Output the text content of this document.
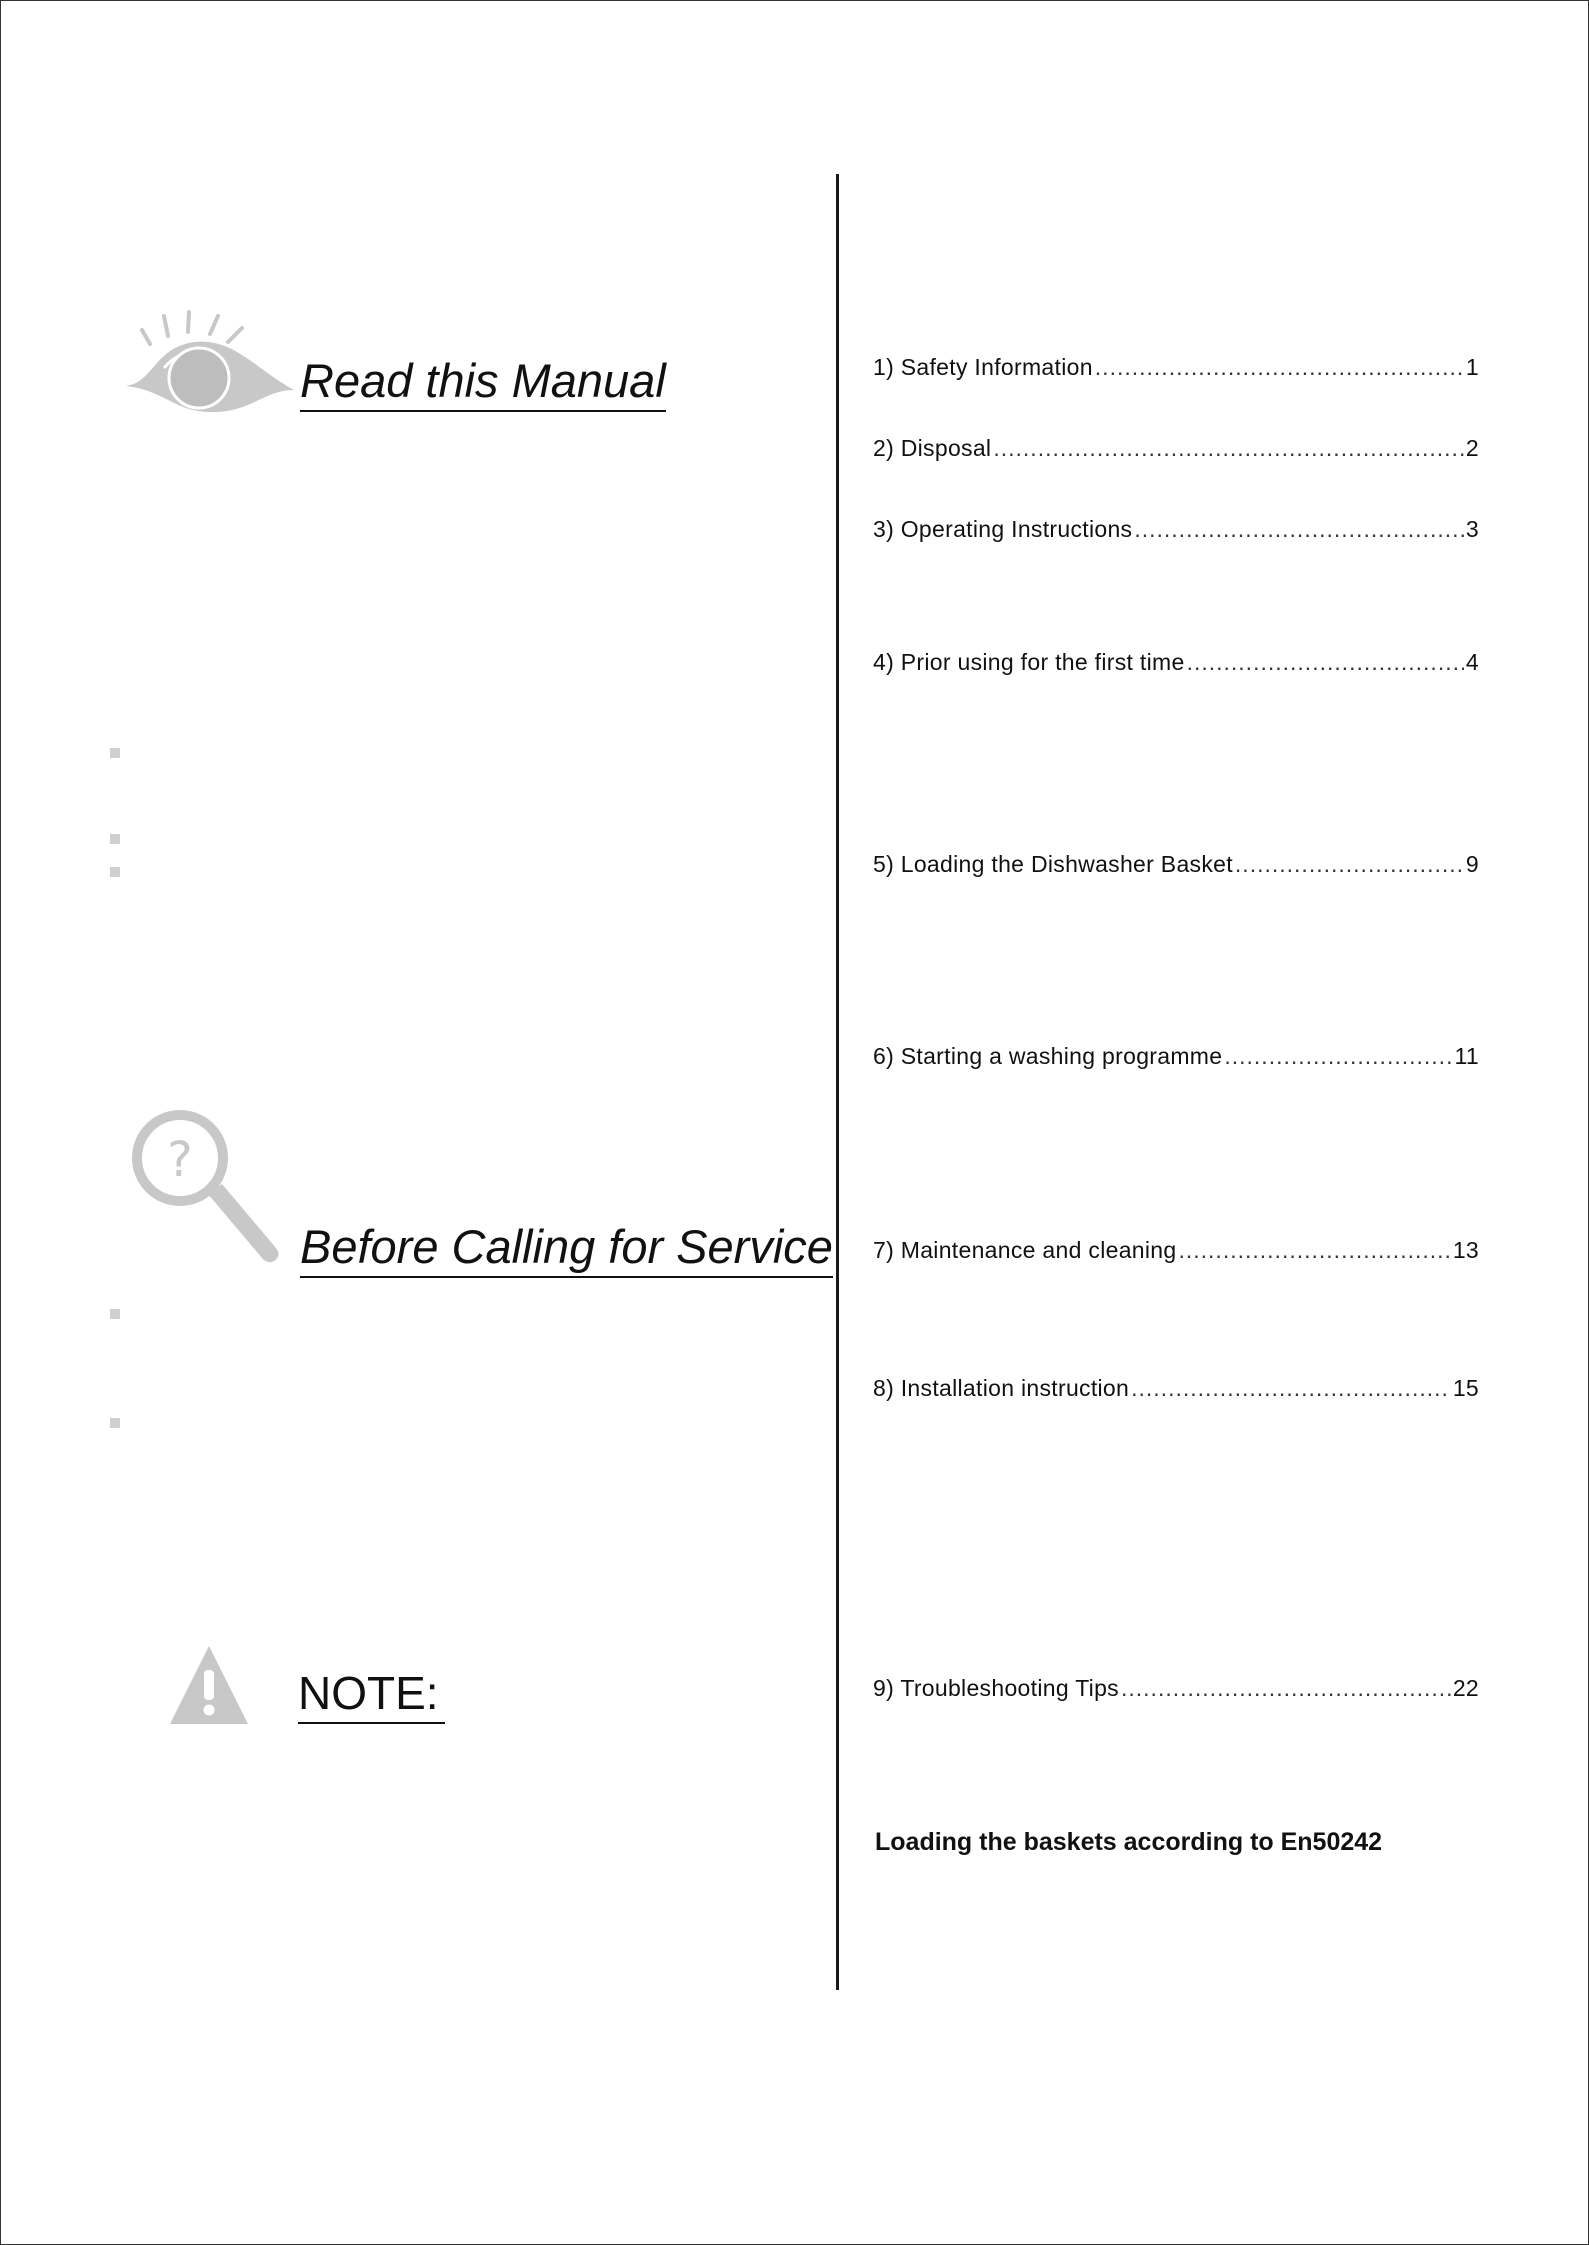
Read this Manual
?
Before Calling for Service
NOTE:
1) Safety Information .....	1
2) Disposal .....	2
3) Operating Instructions .....	3
4) Prior using for the first time .....	4
5) Loading the Dishwasher Basket .....	9
6) Starting a washing programme .....	11
7) Maintenance and cleaning .....	13
8) Installation instruction .....	15
9) Troubleshooting Tips .....	22
Loading the baskets according to En50242
